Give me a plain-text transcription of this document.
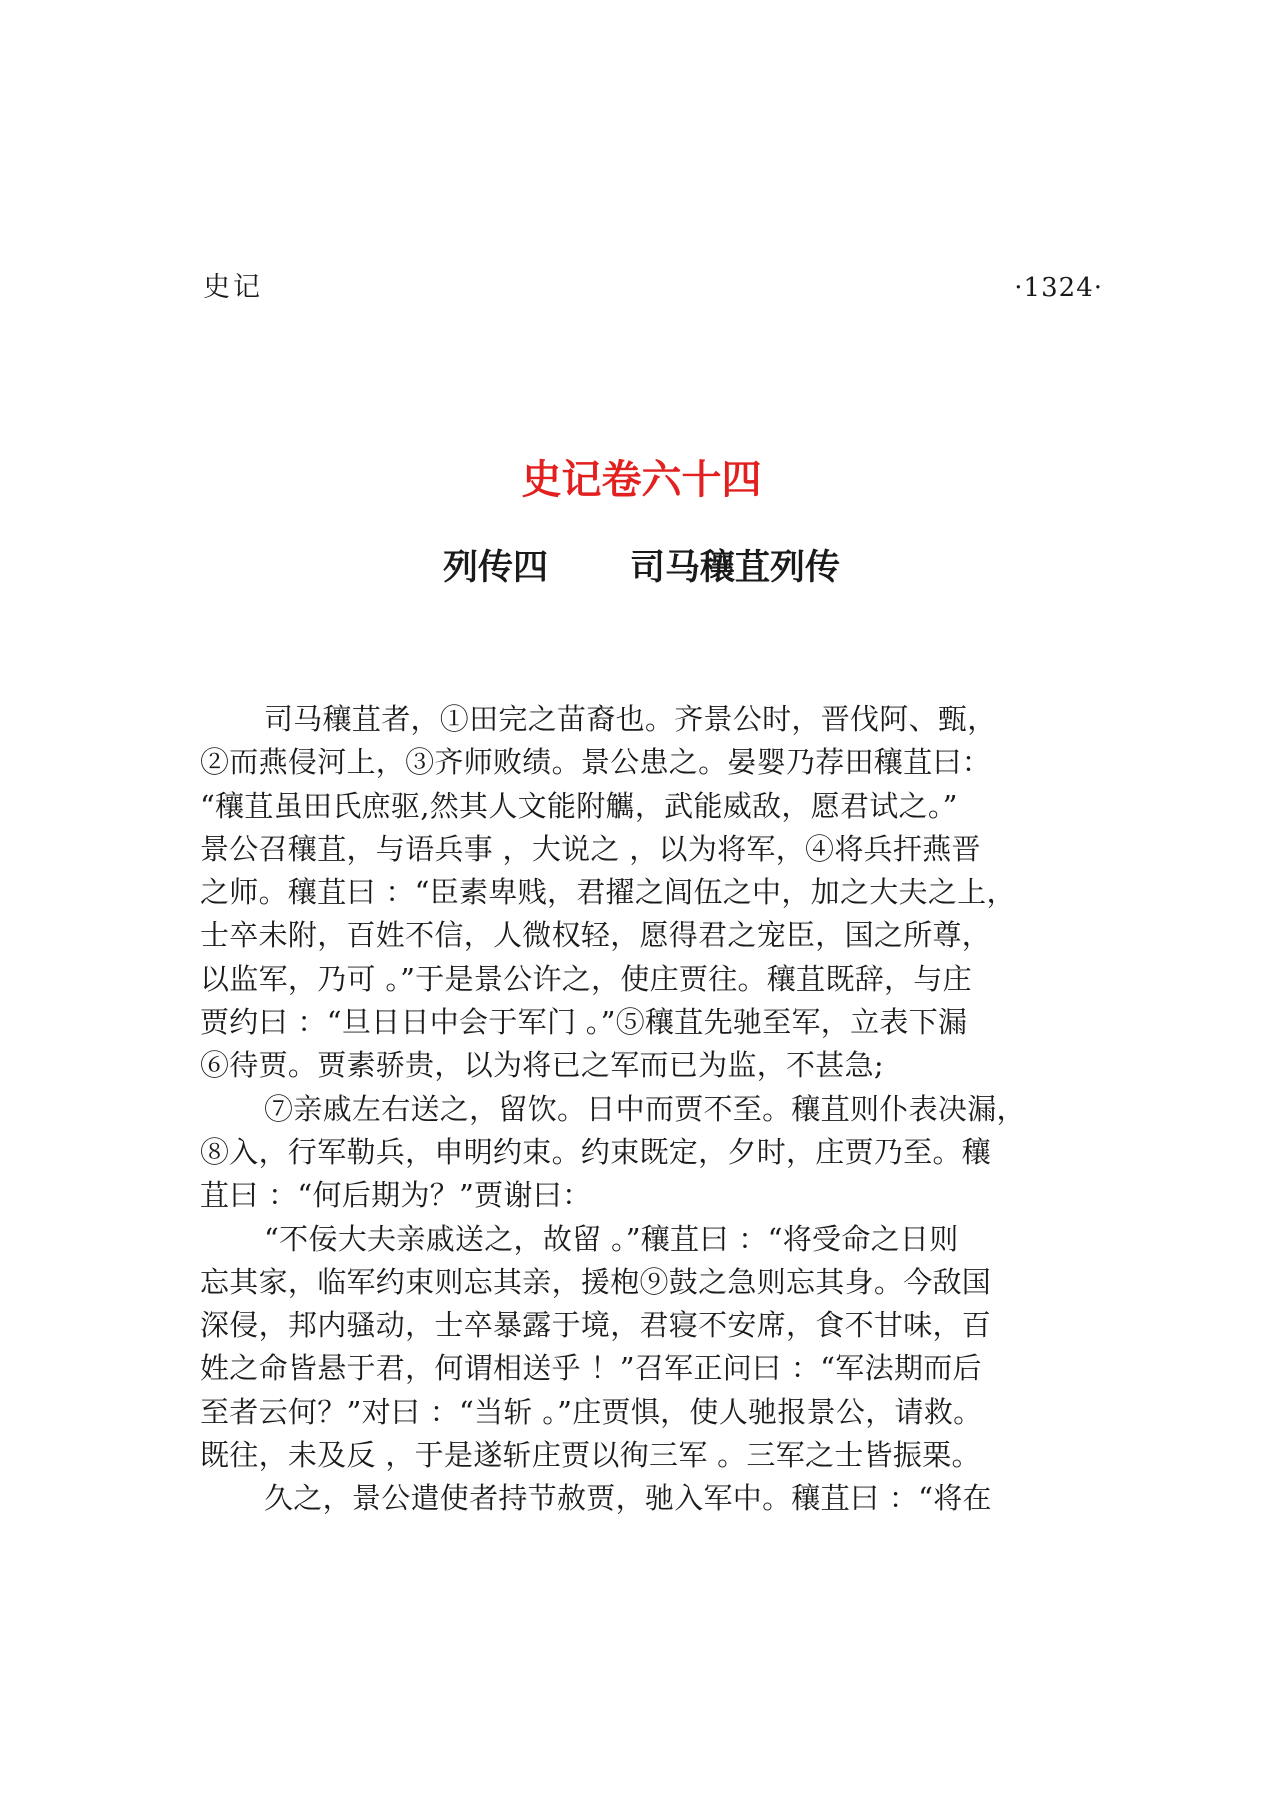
史记	·1324·
史记卷六十四
列传四 司马穰苴列传
司马穰苴者，①田完之苗裔也。齐景公时，晋伐阿、甄，
②而燕侵河上，③齐师败绩。景公患之。晏婴乃荐田穰苴曰：
“穰苴虽田氏庶驱,然其人文能附觽，武能威敌，愿君试之。”
景公召穰苴，与语兵事 ，大说之 ，以为将军，④将兵扞燕晋
之师。穰苴曰 ：“臣素卑贱，君擢之闾伍之中，加之大夫之上，
士卒未附，百姓不信，人微权轻，愿得君之宠臣，国之所尊，
以监军，乃可 。”于是景公许之，使庄贾往。穰苴既辞，与庄
贾约曰 ：“旦日日中会于军门 。”⑤穰苴先驰至军，立表下漏
⑥待贾。贾素骄贵，以为将已之军而已为监，不甚急;
⑦亲戚左右送之，留饮。日中而贾不至。穰苴则仆表决漏，
⑧入，行军勒兵，申明约束。约束既定，夕时，庄贾乃至。穰
苴曰 ：“何后期为？”贾谢曰：
“不佞大夫亲戚送之，故留 。”穰苴曰 ：“将受命之日则
忘其家，临军约束则忘其亲，援枹⑨鼓之急则忘其身。今敌国
深侵，邦内骚动，士卒暴露于境，君寝不安席，食不甘味，百
姓之命皆悬于君，何谓相送乎 ！”召军正问曰 ：“军法期而后
至者云何？”对曰 ：“当斩 。”庄贾惧，使人驰报景公，请救。
既往，未及反 ，于是遂斩庄贾以徇三军 。三军之士皆振栗。
久之，景公遣使者持节赦贾，驰入军中。穰苴曰 ：“将在
